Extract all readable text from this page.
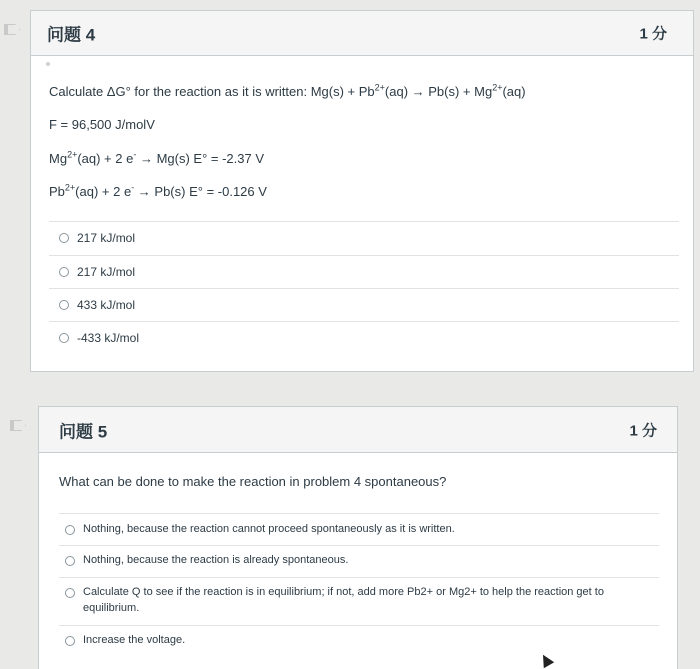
问题 4	1 分
Calculate ΔG° for the reaction as it is written: $Mg(s) + Pb^{2+}(aq) \to Pb(s) + Mg^{2+}(aq)$
F = 96,500 J/molV
$Mg^{2+}(aq) + 2$ e- → Mg(s) E° = -2.37 V
$Pb^{2+}(aq) + 2$ e- → Pb(s) E° = -0.126 V
217 kJ/mol
217 kJ/mol
433 kJ/mol
-433 kJ/mol
问题 5	1 分
What can be done to make the reaction in problem 4 spontaneous?
Nothing, because the reaction cannot proceed spontaneously as it is written.
Nothing, because the reaction is already spontaneous.
Calculate Q to see if the reaction is in equilibrium; if not, add more Pb2+ or Mg2+ to help the reaction get to
equilibrium.
Increase the voltage.
